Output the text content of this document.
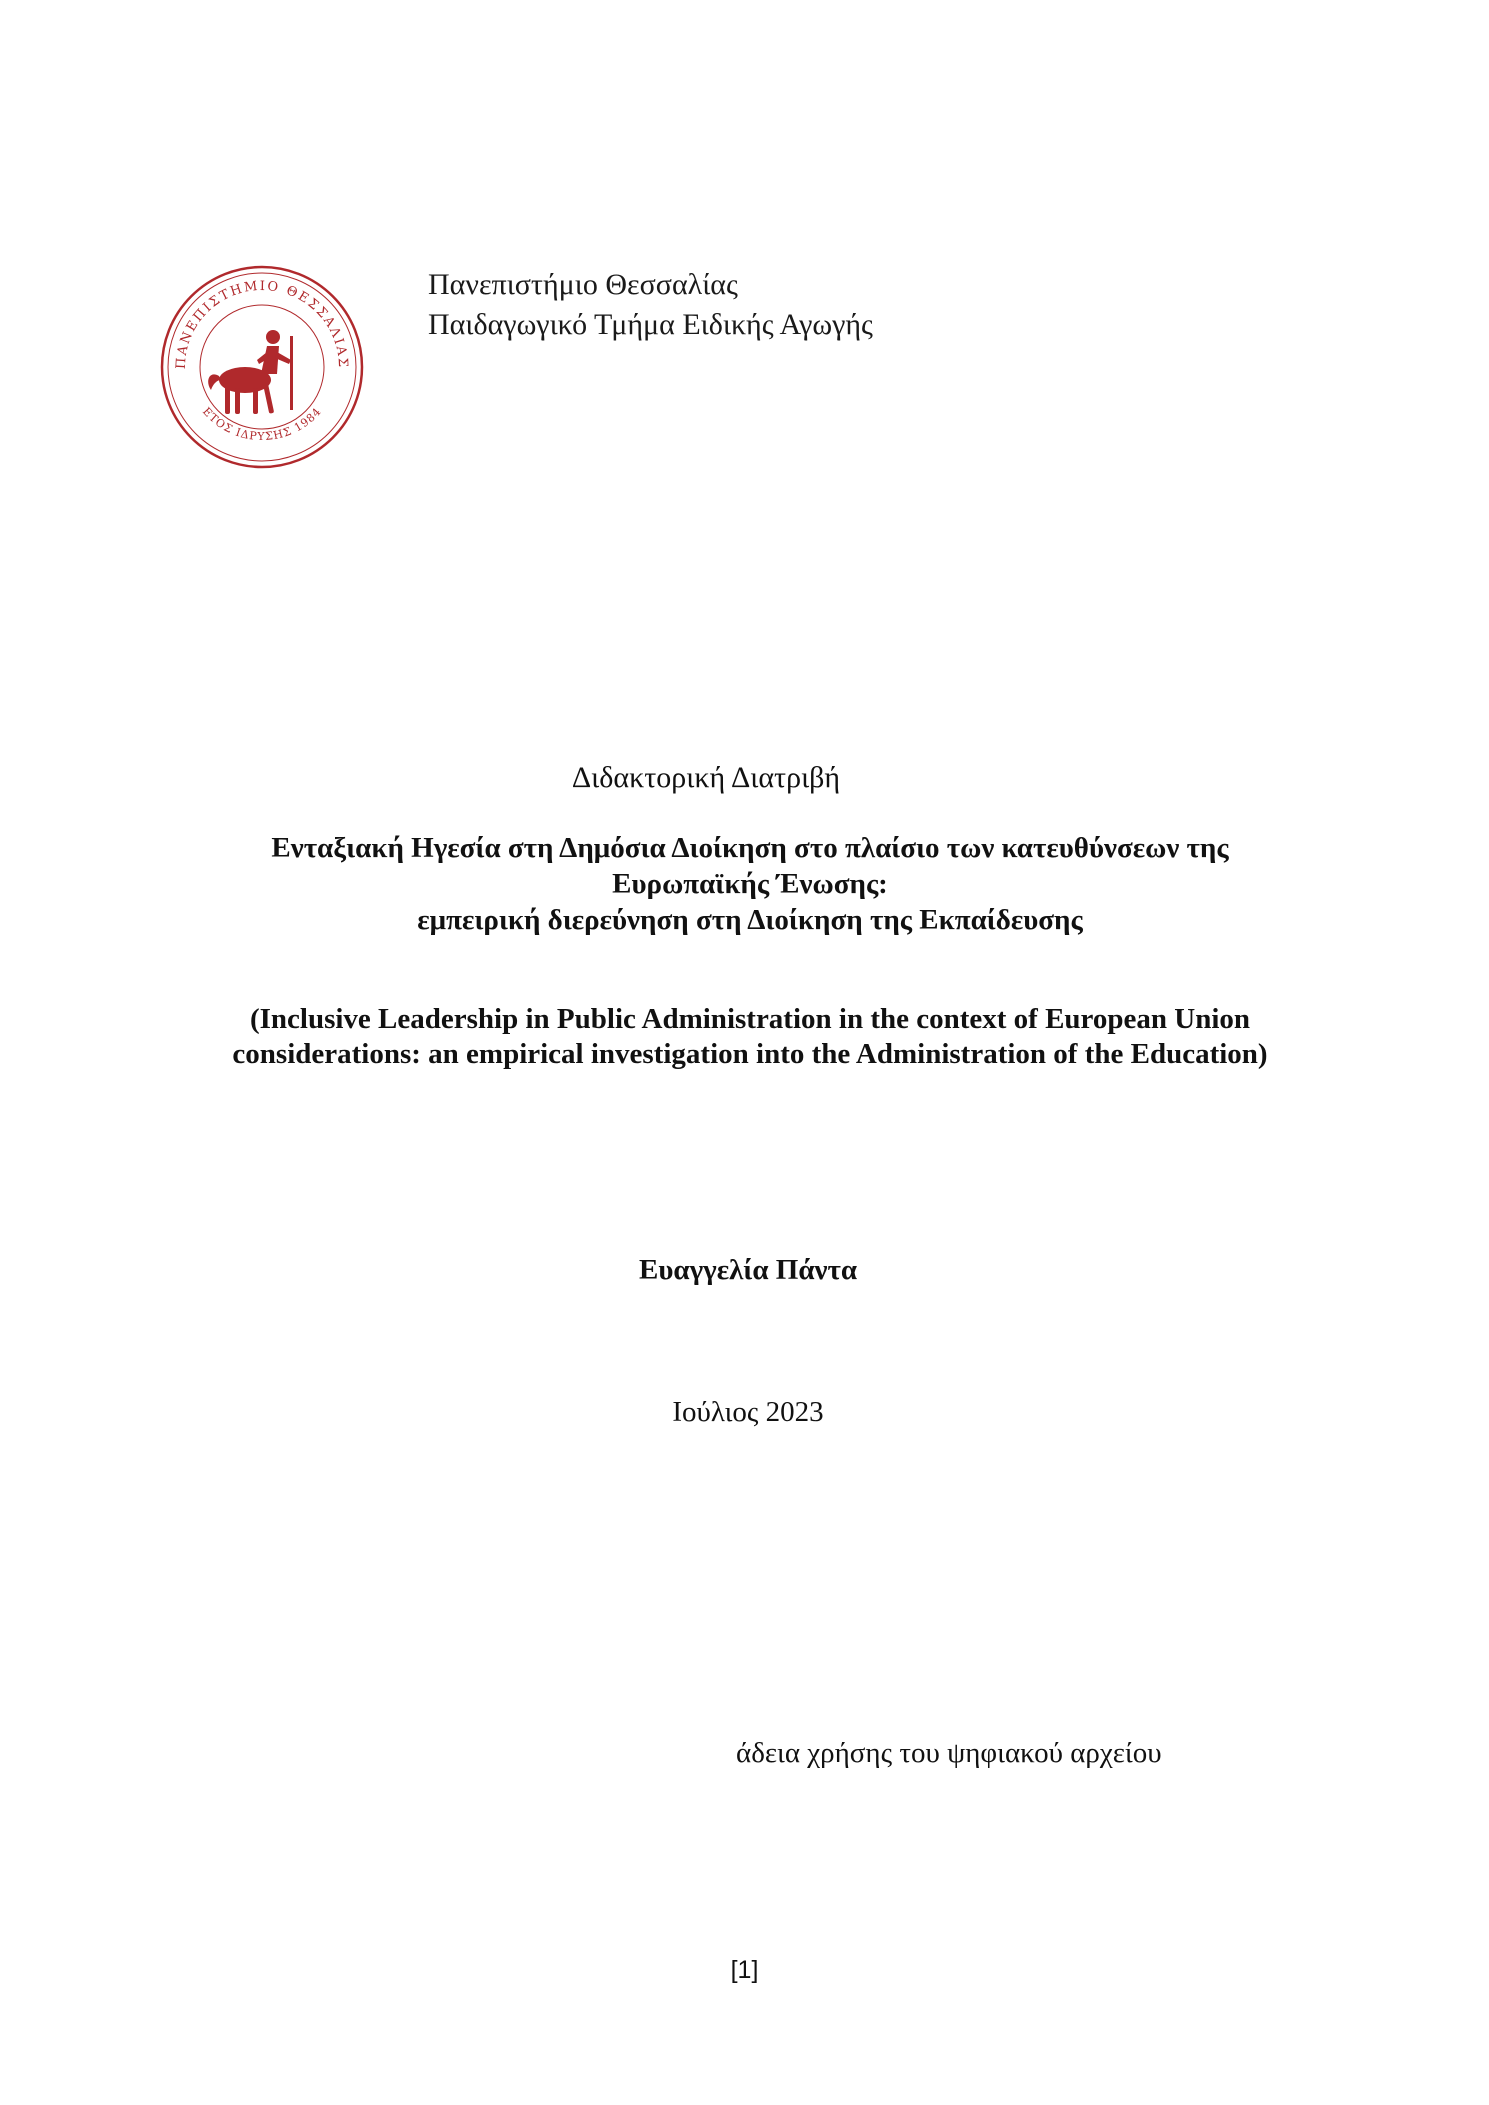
ΠΑΝΕΠΙΣΤΗΜΙΟ ΘΕΣΣΑΛΙΑΣ
ΕΤΟΣ ΙΔΡΥΣΗΣ 1984
Πανεπιστήμιο Θεσσαλίας
Παιδαγωγικό Τμήμα Ειδικής Αγωγής
Διδακτορική Διατριβή
Ενταξιακή Ηγεσία στη Δημόσια Διοίκηση στο πλαίσιο των κατευθύνσεων της
Ευρωπαϊκής Ένωσης:
εμπειρική διερεύνηση στη Διοίκηση της Εκπαίδευσης
(Inclusive Leadership in Public Administration in the context of European Union
considerations: an empirical investigation into the Administration of the Education)
Ευαγγελία Πάντα
Ιούλιος 2023
άδεια χρήσης του ψηφιακού αρχείου
[1]
